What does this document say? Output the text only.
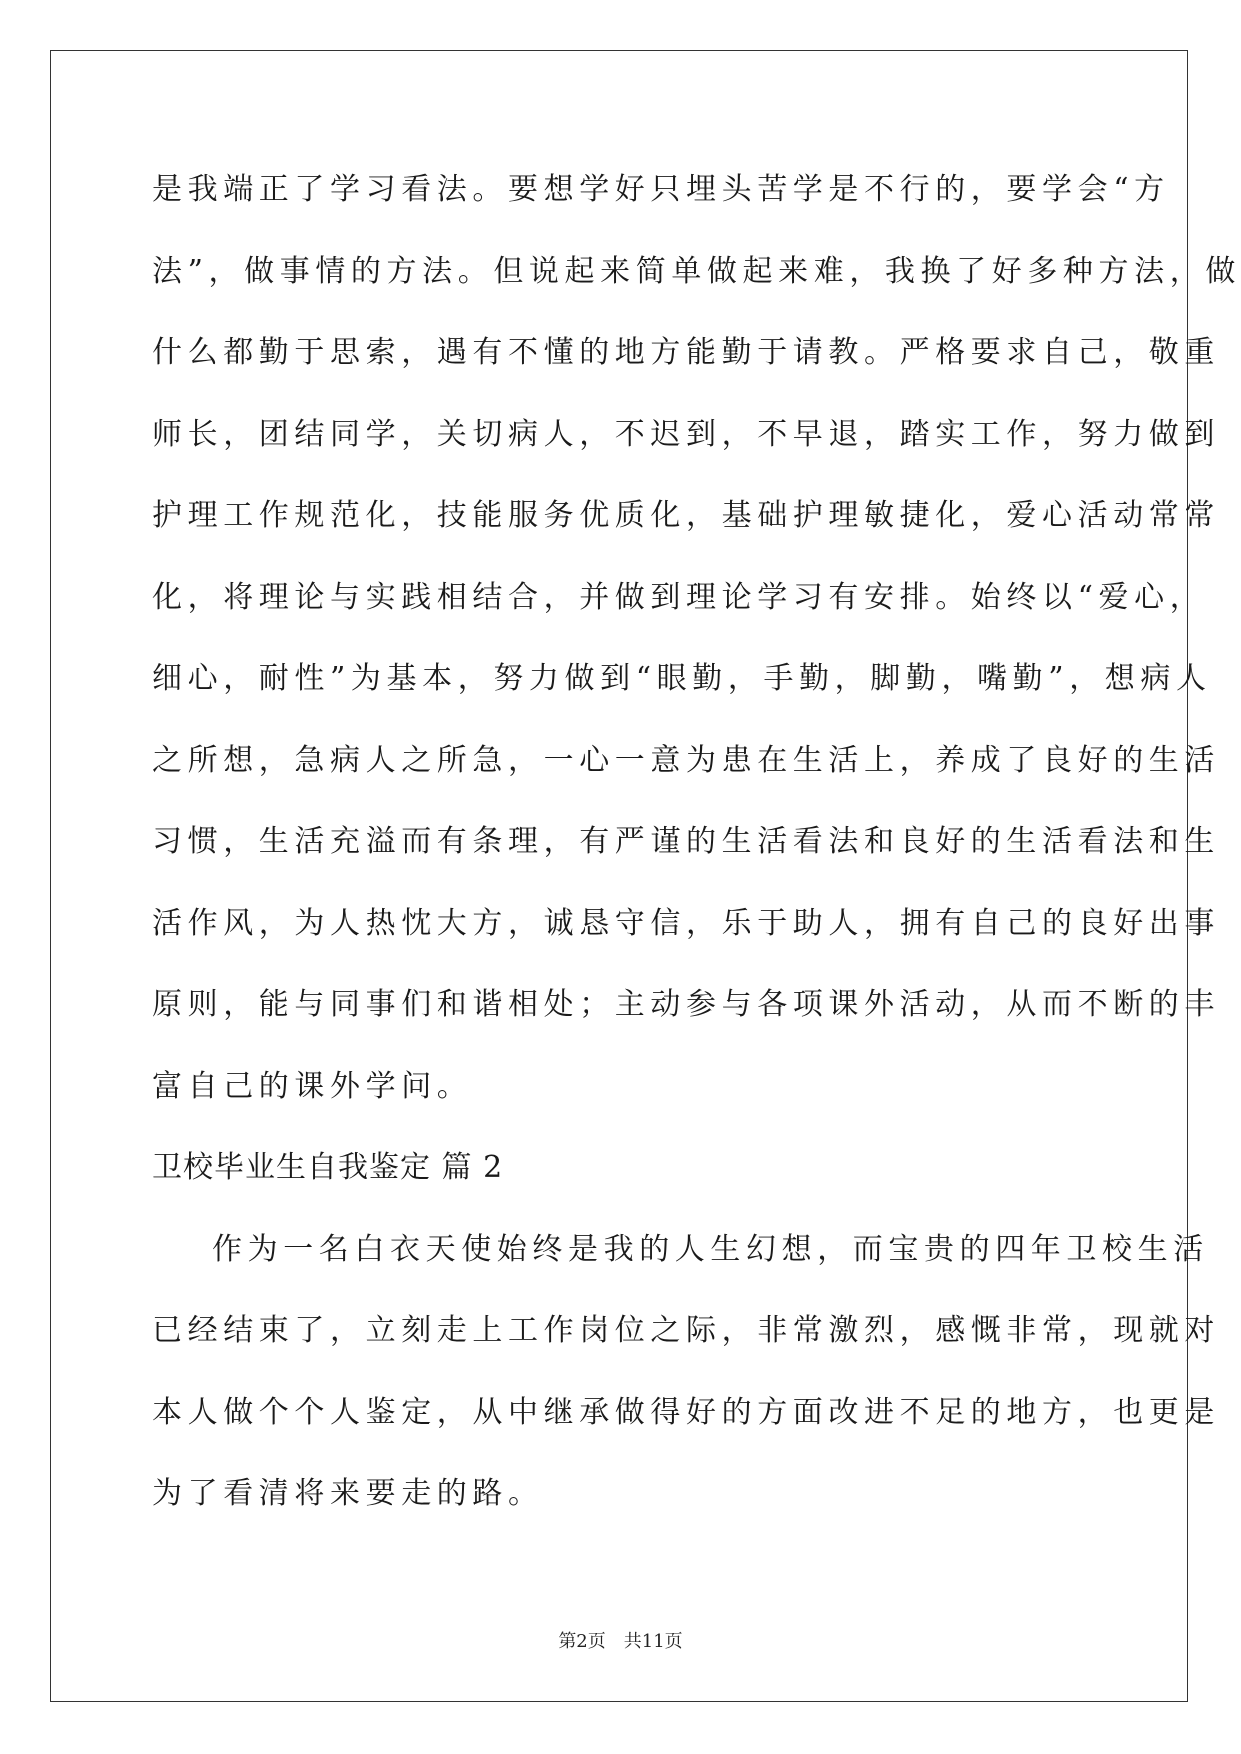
是我端正了学习看法。要想学好只埋头苦学是不行的，要学会“方
法”，做事情的方法。但说起来简单做起来难，我换了好多种方法，做
什么都勤于思索，遇有不懂的地方能勤于请教。严格要求自己，敬重
师长，团结同学，关切病人，不迟到，不早退，踏实工作，努力做到
护理工作规范化，技能服务优质化，基础护理敏捷化，爱心活动常常
化，将理论与实践相结合，并做到理论学习有安排。始终以“爱心，
细心，耐性”为基本，努力做到“眼勤，手勤，脚勤，嘴勤”，想病人
之所想，急病人之所急，一心一意为患在生活上，养成了良好的生活
习惯，生活充溢而有条理，有严谨的生活看法和良好的生活看法和生
活作风，为人热忱大方，诚恳守信，乐于助人，拥有自己的良好出事
原则，能与同事们和谐相处；主动参与各项课外活动，从而不断的丰
富自己的课外学问。
卫校毕业生自我鉴定 篇 2
作为一名白衣天使始终是我的人生幻想，而宝贵的四年卫校生活
已经结束了，立刻走上工作岗位之际，非常激烈，感慨非常，现就对
本人做个个人鉴定，从中继承做得好的方面改进不足的地方，也更是
为了看清将来要走的路。
第2页　共11页
